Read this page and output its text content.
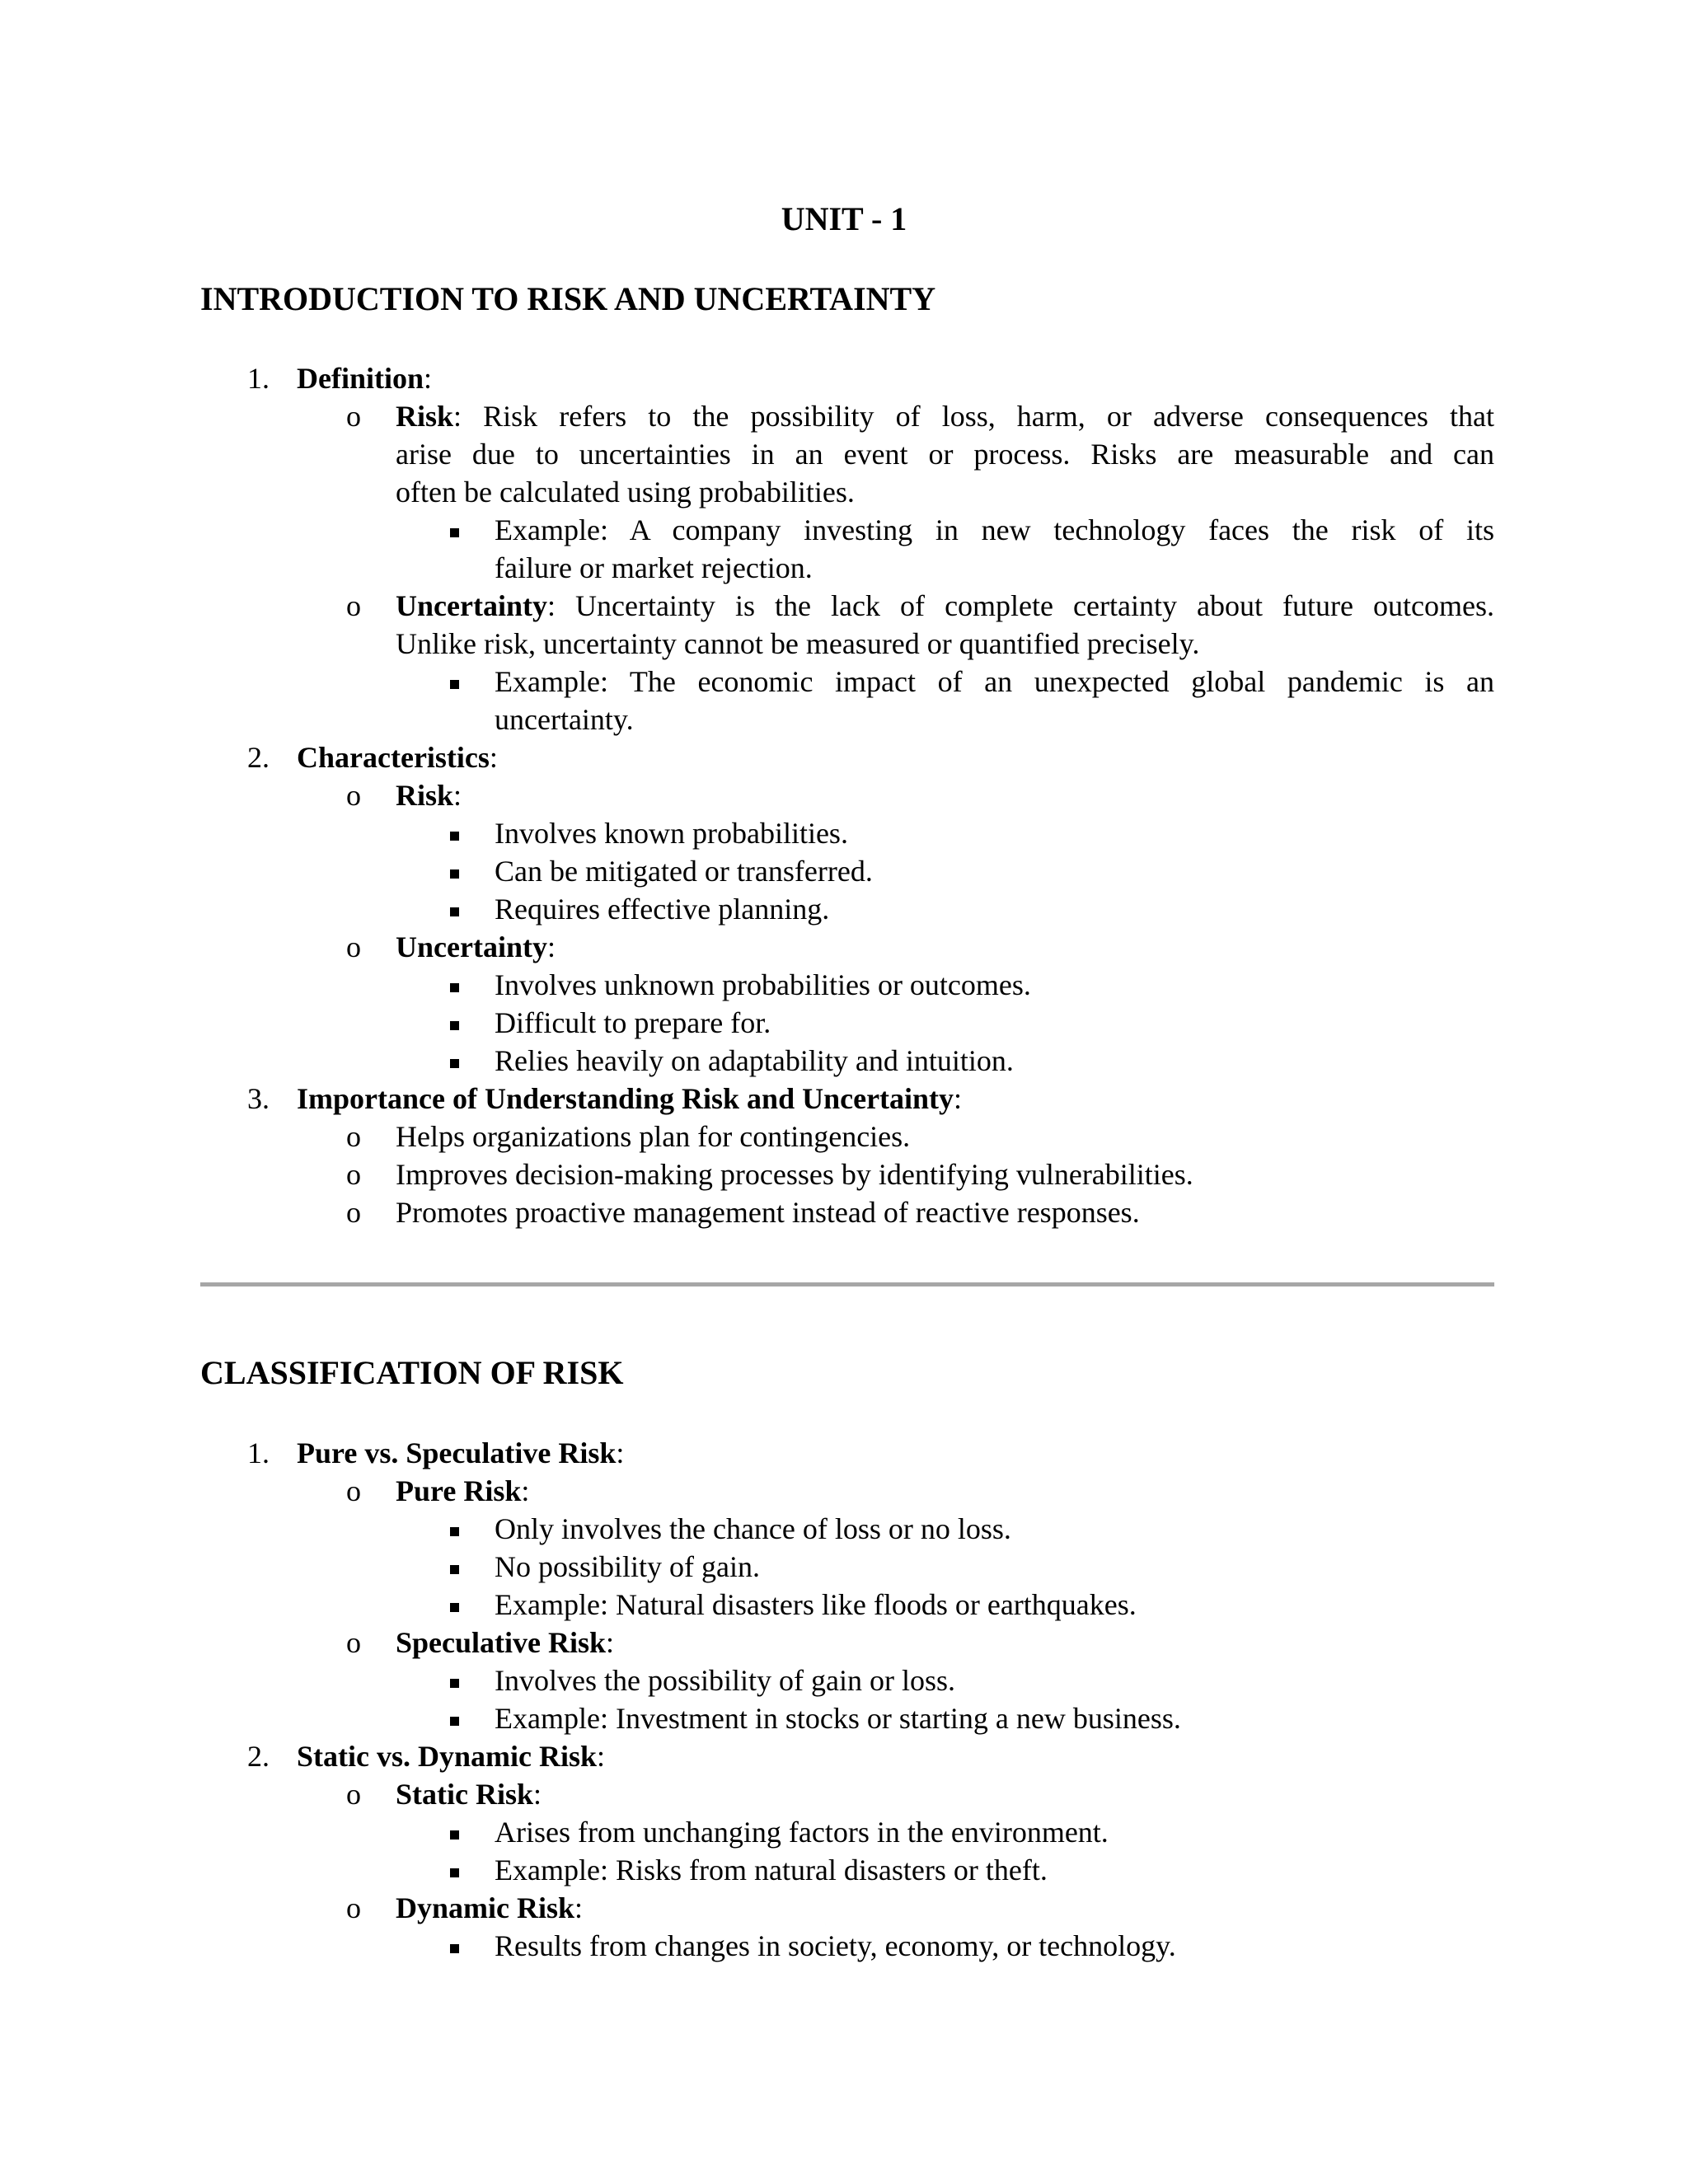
UNIT - 1
INTRODUCTION TO RISK AND UNCERTAINTY
1. Definition:
o Risk: Risk refers to the possibility of loss, harm, or adverse consequences that
arise due to uncertainties in an event or process. Risks are measurable and can
often be calculated using probabilities.
Example: A company investing in new technology faces the risk of its
failure or market rejection.
o Uncertainty: Uncertainty is the lack of complete certainty about future outcomes.
Unlike risk, uncertainty cannot be measured or quantified precisely.
Example: The economic impact of an unexpected global pandemic is an
uncertainty.
2. Characteristics:
o Risk:
Involves known probabilities.
Can be mitigated or transferred.
Requires effective planning.
o Uncertainty:
Involves unknown probabilities or outcomes.
Difficult to prepare for.
Relies heavily on adaptability and intuition.
3. Importance of Understanding Risk and Uncertainty:
o Helps organizations plan for contingencies.
o Improves decision-making processes by identifying vulnerabilities.
o Promotes proactive management instead of reactive responses.
CLASSIFICATION OF RISK
1. Pure vs. Speculative Risk:
o Pure Risk:
Only involves the chance of loss or no loss.
No possibility of gain.
Example: Natural disasters like floods or earthquakes.
o Speculative Risk:
Involves the possibility of gain or loss.
Example: Investment in stocks or starting a new business.
2. Static vs. Dynamic Risk:
o Static Risk:
Arises from unchanging factors in the environment.
Example: Risks from natural disasters or theft.
o Dynamic Risk:
Results from changes in society, economy, or technology.
